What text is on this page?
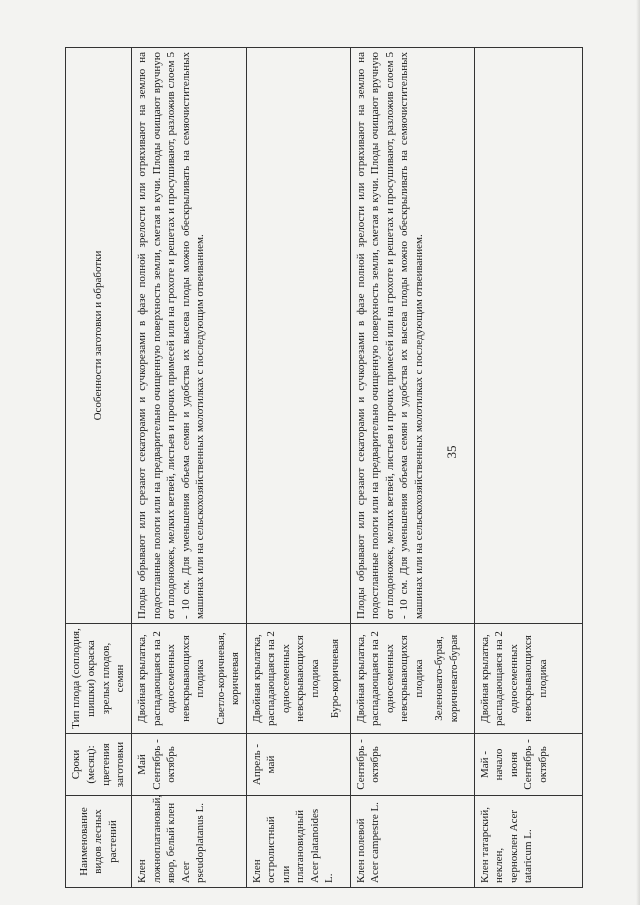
35
Наименование видов лесных растений	Сроки (месяц): цветения заготовки	Тип плода (соплодия, шишки) окраска зрелых плодов, семян	Особенности заготовки и обработки
Клен ложноплатановый, явор, белый клен Acer pseudoplatanus L.	Май Сентябрь - октябрь	Двойная крылатка, распадающаяся на 2 односеменных невскрывающихся плодика Светло-коричневая, коричневая	Плоды обрывают или срезают секаторами и сучкорезами в фазе полной зрелости или отряхивают на землю на подостланные пологи или на предварительно очищенную поверхность земли, сметая в кучи. Плоды очищают вручную от плодоножек, мелких ветвей, листьев и прочих примесей или на грохоте и решетах и просушивают, разложив слоем 5 - 10 см. Для уменьшения объема семян и удобства их высева плоды можно обескрыливать на семяочистительных машинах или на сельскохозяйственных молотилках с последующим отвеиванием.
Клен остролистный или платановидный Acer platanoides L.	Апрель - май	Двойная крылатка, распадающаяся на 2 односеменных невскрывающихся плодика Буро-коричневая	

Клен полевой Acer campestre L.	Сентябрь - октябрь	Двойная крылатка, распадающаяся на 2 односеменных невскрывающихся плодика Зеленовато-бурая, коричневато-бурая	Плоды обрывают или срезают секаторами и сучкорезами в фазе полной зрелости или отряхивают на землю на подостланные пологи или на предварительно очищенную поверхность земли, сметая в кучи. Плоды очищают вручную от плодоножек, мелких ветвей, листьев и прочих примесей или на грохоте и решетах и просушивают, разложив слоем 5 - 10 см. Для уменьшения объема семян и удобства их высева плоды можно обескрыливать на семяочистительных машинах или на сельскохозяйственных молотилках с последующим отвеиванием.
Клен татарский, неклен, черноклен Acer tataricum L.	Май - начало июня Сентябрь - октябрь	Двойная крылатка, распадающаяся на 2 односеменных невскрывающихся плодика	
